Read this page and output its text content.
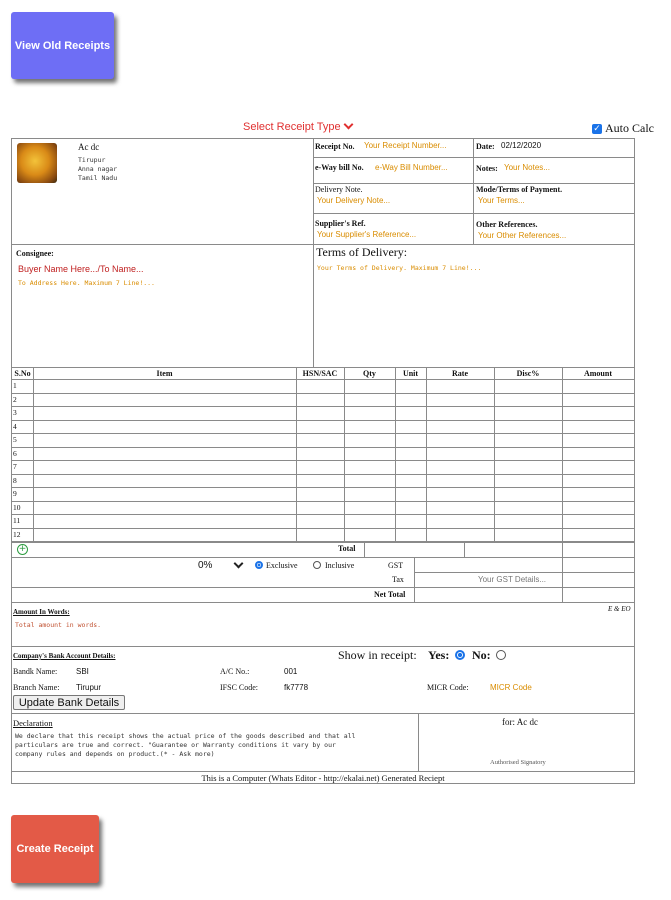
View Old Receipts
Select Receipt Type	✓ Auto Calc
Ac dc
Tirupur
Anna nagar
Tamil Nadu
Receipt No. Your Receipt Number...	Date: 02/12/2020
e-Way bill No. e-Way Bill Number...	Notes: Your Notes...
Delivery Note.
Your Delivery Note...
Mode/Terms of Payment.
Your Terms...
Supplier's Ref.
Your Supplier's Reference...
Other References.
Your Other References...
Consignee:
Buyer Name Here.../To Name...
To Address Here. Maximum 7 Line!...
Terms of Delivery:
Your Terms of Delivery. Maximum 7 Line!...
S.No	Item	HSN/SAC	Qty	Unit	Rate	Disc%	Amount
1
2
3
4
5
6
7
8
9
10
11
12
+	Total
0%	Exclusive	Inclusive	GST
Tax	Your GST Details...
Net Total
Amount In Words:
Total amount in words.
E & EO
Company's Bank Account Details:	Show in receipt: Yes: No:
Bandk Name: SBI	A/C No.:	001
Branch Name: Tirupur	IFSC Code:	fk7778	MICR Code:	MICR Code
Update Bank Details
Declaration
We declare that this receipt shows the actual price of the goods described and that all
particulars are true and correct. "Guarantee or Warranty conditions it vary by our
company rules and depends on product.(* - Ask more)
for: Ac dc
Authorised Signatory
This is a Computer (Whats Editor - http://ekalai.net) Generated Reciept
Create Receipt
